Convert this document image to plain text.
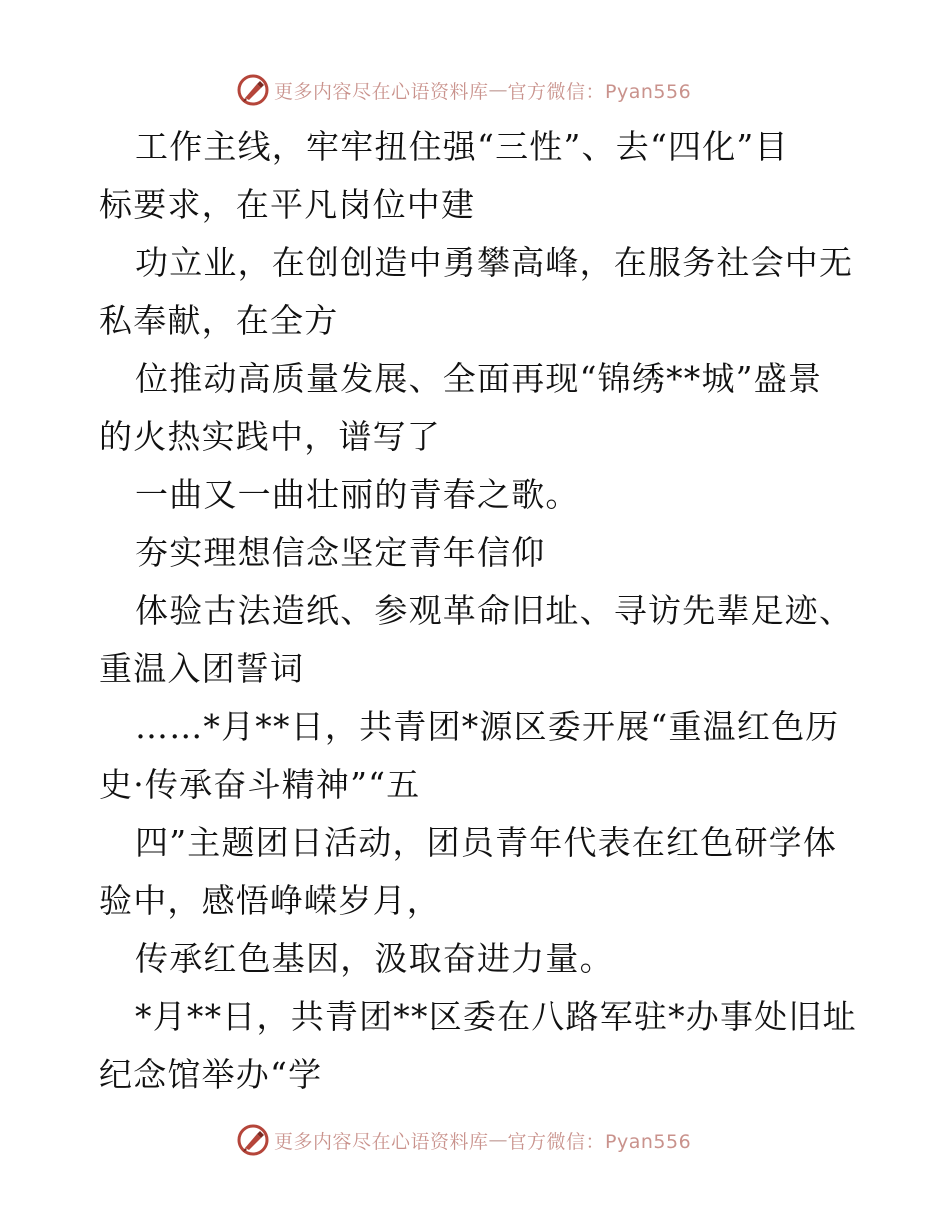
更多内容尽在心语资料库 — 官方微信：Pyan556
工作主线，牢牢扭住强“三性”、去“四化”目
标要求，在平凡岗位中建
功立业，在创创造中勇攀高峰，在服务社会中无
私奉献，在全方
位推动高质量发展、全面再现“锦绣**城”盛景
的火热实践中，谱写了
一曲又一曲壮丽的青春之歌。
夯实理想信念坚定青年信仰
体验古法造纸、参观革命旧址、寻访先辈足迹、
重温入团誓词
……*月**日，共青团*源区委开展“重温红色历
史·传承奋斗精神”“五
四”主题团日活动，团员青年代表在红色研学体
验中，感悟峥嵘岁月，
传承红色基因，汲取奋进力量。
*月**日，共青团**区委在八路军驻*办事处旧址
纪念馆举办“学
更多内容尽在心语资料库 — 官方微信：Pyan556
